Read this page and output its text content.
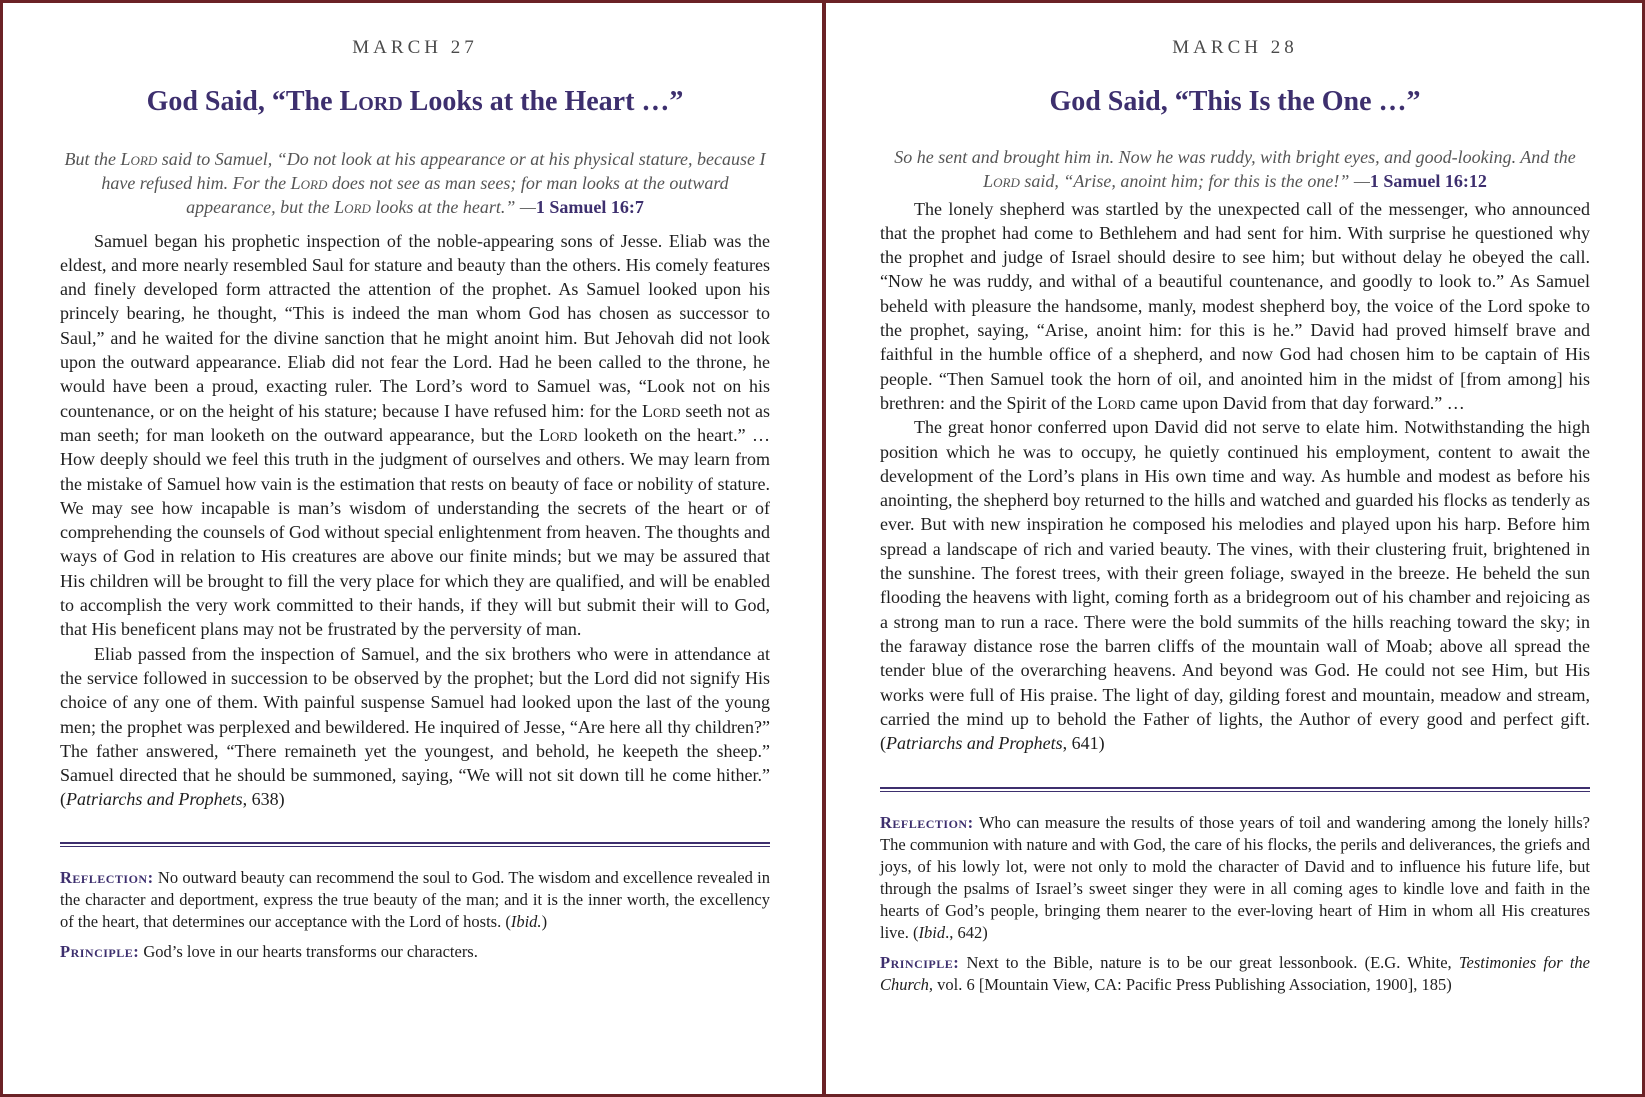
MARCH 27
God Said, “The Lord Looks at the Heart …”

But the Lord said to Samuel, “Do not look at his appearance or at his physical stature, because I have refused him. For the Lord does not see as man sees; for man looks at the outward appearance, but the Lord looks at the heart.” —1 Samuel 16:7

Samuel began his prophetic inspection of the noble-appearing sons of Jesse. Eliab was the eldest, and more nearly resembled Saul for stature and beauty than the others. His comely features and finely developed form attracted the attention of the prophet. As Samuel looked upon his princely bearing, he thought, “This is indeed the man whom God has chosen as successor to Saul,” and he waited for the divine sanction that he might anoint him. But Jehovah did not look upon the outward appearance. Eliab did not fear the Lord. Had he been called to the throne, he would have been a proud, exacting ruler. The Lord’s word to Samuel was, “Look not on his countenance, or on the height of his stature; because I have refused him: for the Lord seeth not as man seeth; for man looketh on the outward appearance, but the Lord looketh on the heart.” … How deeply should we feel this truth in the judgment of ourselves and others. We may learn from the mistake of Samuel how vain is the estimation that rests on beauty of face or nobility of stature. We may see how incapable is man’s wisdom of understanding the secrets of the heart or of comprehending the counsels of God without special enlightenment from heaven. The thoughts and ways of God in relation to His creatures are above our finite minds; but we may be assured that His children will be brought to fill the very place for which they are qualified, and will be enabled to accomplish the very work committed to their hands, if they will but submit their will to God, that His beneficent plans may not be frustrated by the perversity of man.

Eliab passed from the inspection of Samuel, and the six brothers who were in attendance at the service followed in succession to be observed by the prophet; but the Lord did not signify His choice of any one of them. With painful suspense Samuel had looked upon the last of the young men; the prophet was perplexed and bewildered. He inquired of Jesse, “Are here all thy children?” The father answered, “There remaineth yet the youngest, and behold, he keepeth the sheep.” Samuel directed that he should be summoned, saying, “We will not sit down till he come hither.” (Patriarchs and Prophets, 638)

Reflection: No outward beauty can recommend the soul to God. The wisdom and excellence revealed in the character and deportment, express the true beauty of the man; and it is the inner worth, the excellency of the heart, that determines our acceptance with the Lord of hosts. (Ibid.)

Principle: God’s love in our hearts transforms our characters.

MARCH 28
God Said, “This Is the One …”

So he sent and brought him in. Now he was ruddy, with bright eyes, and good-looking. And the Lord said, “Arise, anoint him; for this is the one!” —1 Samuel 16:12

The lonely shepherd was startled by the unexpected call of the messenger, who announced that the prophet had come to Bethlehem and had sent for him. With surprise he questioned why the prophet and judge of Israel should desire to see him; but without delay he obeyed the call. “Now he was ruddy, and withal of a beautiful countenance, and goodly to look to.” As Samuel beheld with pleasure the handsome, manly, modest shepherd boy, the voice of the Lord spoke to the prophet, saying, “Arise, anoint him: for this is he.” David had proved himself brave and faithful in the humble office of a shepherd, and now God had chosen him to be captain of His people. “Then Samuel took the horn of oil, and anointed him in the midst of [from among] his brethren: and the Spirit of the Lord came upon David from that day forward.” …

The great honor conferred upon David did not serve to elate him. Notwithstanding the high position which he was to occupy, he quietly continued his employment, content to await the development of the Lord’s plans in His own time and way. As humble and modest as before his anointing, the shepherd boy returned to the hills and watched and guarded his flocks as tenderly as ever. But with new inspiration he composed his melodies and played upon his harp. Before him spread a landscape of rich and varied beauty. The vines, with their clustering fruit, brightened in the sunshine. The forest trees, with their green foliage, swayed in the breeze. He beheld the sun flooding the heavens with light, coming forth as a bridegroom out of his chamber and rejoicing as a strong man to run a race. There were the bold summits of the hills reaching toward the sky; in the faraway distance rose the barren cliffs of the mountain wall of Moab; above all spread the tender blue of the overarching heavens. And beyond was God. He could not see Him, but His works were full of His praise. The light of day, gilding forest and mountain, meadow and stream, carried the mind up to behold the Father of lights, the Author of every good and perfect gift. (Patriarchs and Prophets, 641)

Reflection: Who can measure the results of those years of toil and wandering among the lonely hills? The communion with nature and with God, the care of his flocks, the perils and deliverances, the griefs and joys, of his lowly lot, were not only to mold the character of David and to influence his future life, but through the psalms of Israel’s sweet singer they were in all coming ages to kindle love and faith in the hearts of God’s people, bringing them nearer to the ever-loving heart of Him in whom all His creatures live. (Ibid., 642)

Principle: Next to the Bible, nature is to be our great lessonbook. (E.G. White, Testimonies for the Church, vol. 6 [Mountain View, CA: Pacific Press Publishing Association, 1900], 185)
